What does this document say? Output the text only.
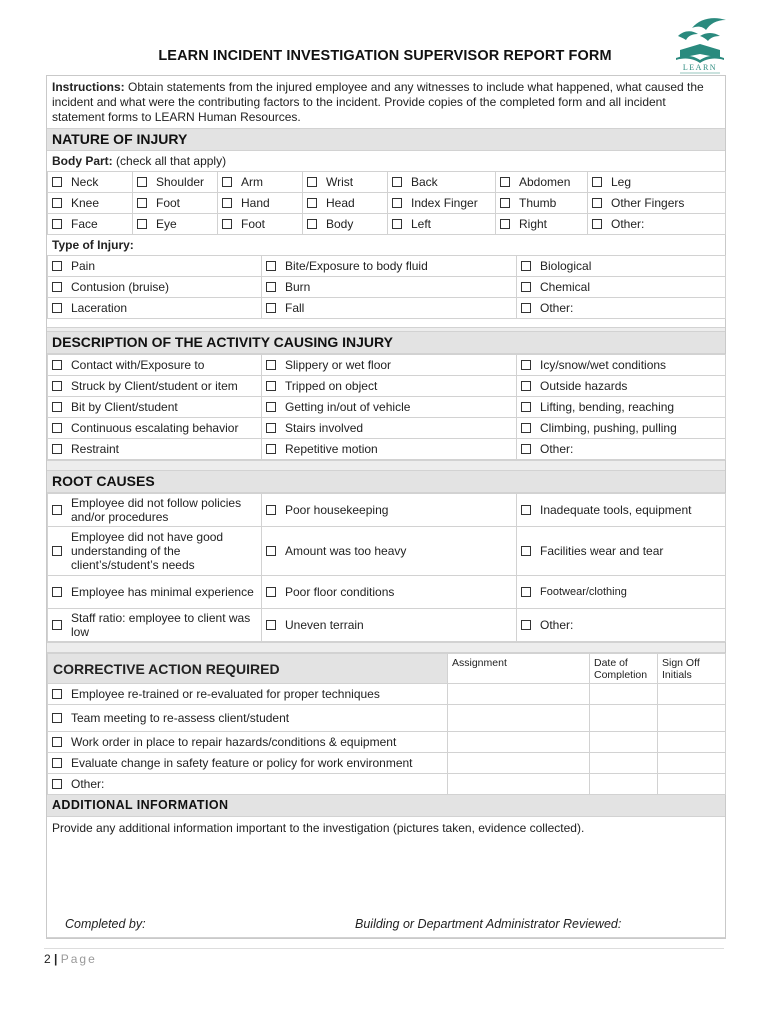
LEARN INCIDENT INVESTIGATION SUPERVISOR REPORT FORM
LEARN
Instructions: Obtain statements from the injured employee and any witnesses to include what happened, what caused the incident and what were the contributing factors to the incident. Provide copies of the completed form and all incident statement forms to LEARN Human Resources.
NATURE OF INJURY
Body Part: (check all that apply)
Neck	Shoulder	Arm	Wrist	Back	Abdomen	Leg

Knee	Foot	Hand	Head	Index Finger	Thumb	Other Fingers

Face	Eye	Foot	Body	Left	Right	Other:
Type of Injury:
Pain	Bite/Exposure to body fluid	Biological

Contusion (bruise)	Burn	Chemical

Laceration	Fall	Other:
DESCRIPTION OF THE ACTIVITY CAUSING INJURY
Contact with/Exposure to	Slippery or wet floor	Icy/snow/wet conditions

Struck by Client/student or item	Tripped on object	Outside hazards

Bit by Client/student	Getting in/out of vehicle	Lifting, bending, reaching

Continuous escalating behavior	Stairs involved	Climbing, pushing, pulling

Restraint	Repetitive motion	Other:
ROOT CAUSES
Employee did not follow policies and/or procedures	Poor housekeeping	Inadequate tools, equipment

Employee did not have good understanding of the client’s/student’s needs	Amount was too heavy	Facilities wear and tear

Employee has minimal experience	Poor floor conditions	Footwear/clothing

Staff ratio: employee to client was low	Uneven terrain	Other:
CORRECTIVE ACTION REQUIRED	Assignment	Date of Completion	Sign Off Initials

Employee re-trained or re-evaluated for proper techniques			

Team meeting to re-assess client/student			

Work order in place to repair hazards/conditions & equipment			

Evaluate change in safety feature or policy for work environment			

Other:			

ADDITIONAL INFORMATION
Provide any additional information important to the investigation (pictures taken, evidence collected).
Completed by:	Building or Department Administrator Reviewed:
2 | Page
